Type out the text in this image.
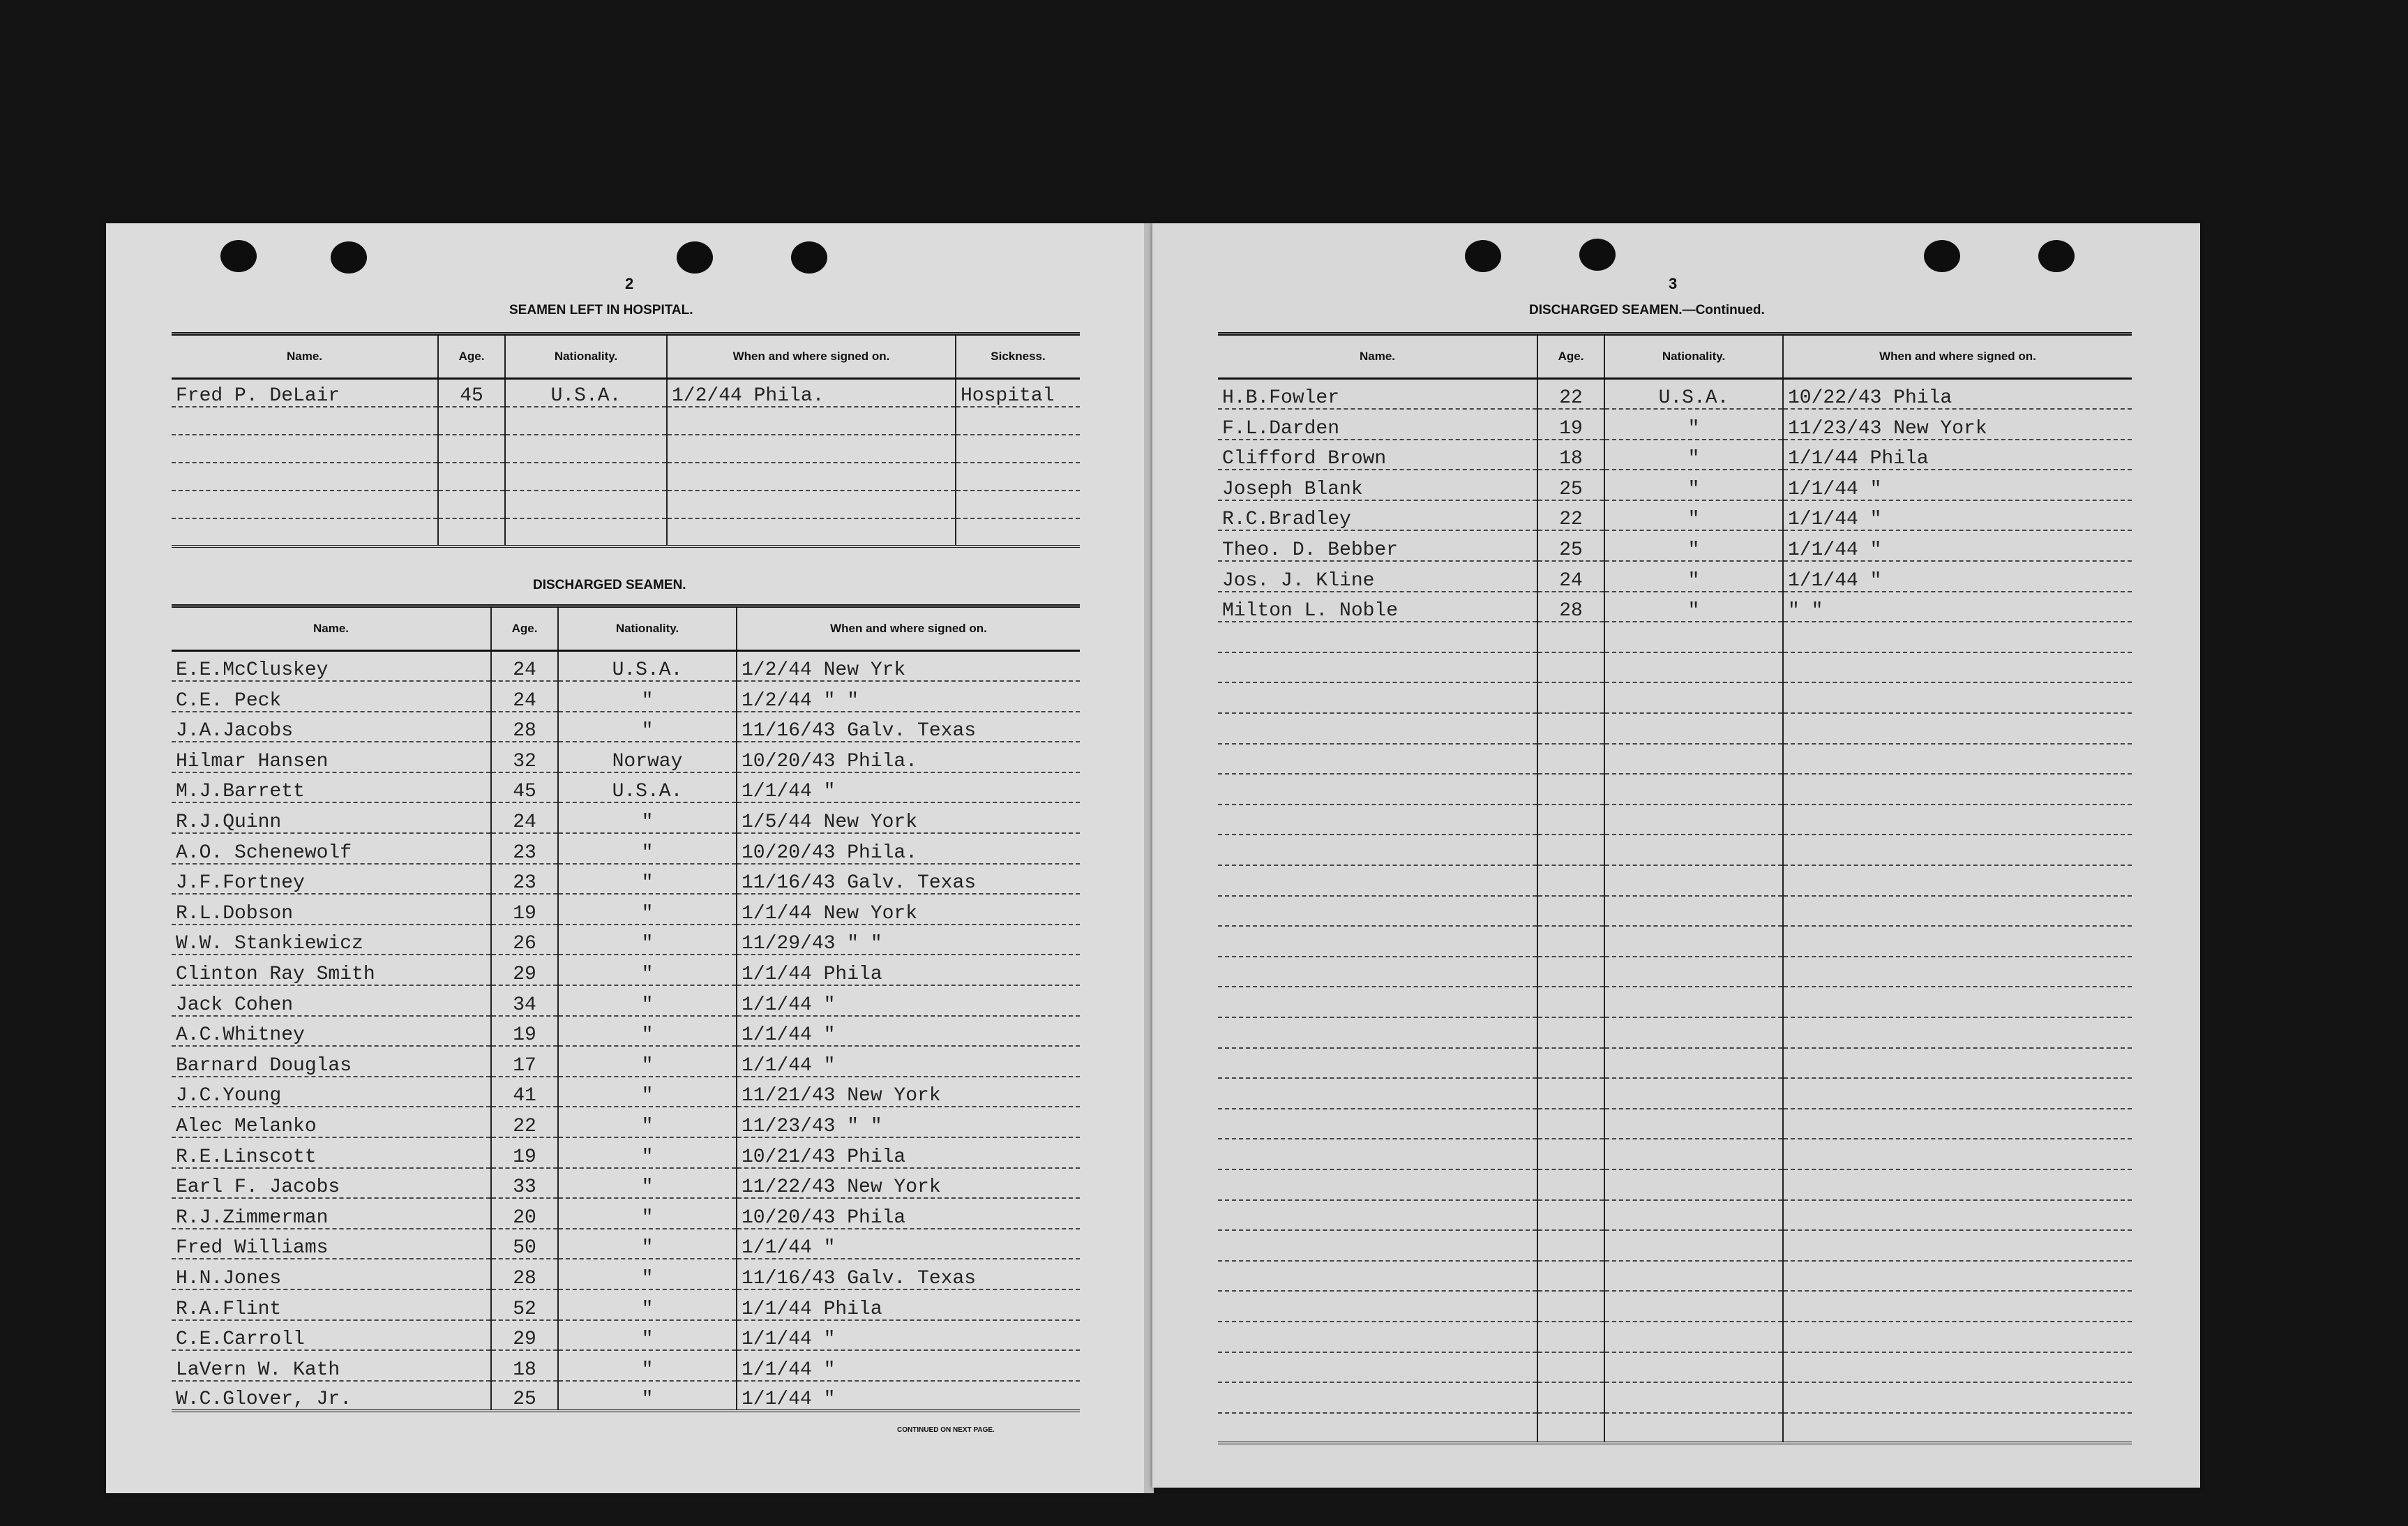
2
SEAMEN LEFT IN HOSPITAL.
Name.	Age.	Nationality.	When and where signed on.	Sickness.
Fred P. DeLair	45	U.S.A.	1/2/44 Phila.	Hospital

DISCHARGED SEAMEN.
Name.	Age.	Nationality.	When and where signed on.
E.E.McCluskey	24	U.S.A.	1/2/44 New Yrk
C.E. Peck	24	"	1/2/44 " "
J.A.Jacobs	28	"	11/16/43 Galv. Texas
Hilmar Hansen	32	Norway	10/20/43 Phila.
M.J.Barrett	45	U.S.A.	1/1/44 "
R.J.Quinn	24	"	1/5/44 New York
A.O. Schenewolf	23	"	10/20/43 Phila.
J.F.Fortney	23	"	11/16/43 Galv. Texas
R.L.Dobson	19	"	1/1/44 New York
W.W. Stankiewicz	26	"	11/29/43 " "
Clinton Ray Smith	29	"	1/1/44 Phila
Jack Cohen	34	"	1/1/44 "
A.C.Whitney	19	"	1/1/44 "
Barnard Douglas	17	"	1/1/44 "
J.C.Young	41	"	11/21/43 New York
Alec Melanko	22	"	11/23/43 " "
R.E.Linscott	19	"	10/21/43 Phila
Earl F. Jacobs	33	"	11/22/43 New York
R.J.Zimmerman	20	"	10/20/43 Phila
Fred Williams	50	"	1/1/44 "
H.N.Jones	28	"	11/16/43 Galv. Texas
R.A.Flint	52	"	1/1/44 Phila
C.E.Carroll	29	"	1/1/44 "
LaVern W. Kath	18	"	1/1/44 "
W.C.Glover, Jr.	25	"	1/1/44 "
CONTINUED ON NEXT PAGE.
3
DISCHARGED SEAMEN.—Continued.
Name.	Age.	Nationality.	When and where signed on.
H.B.Fowler	22	U.S.A.	10/22/43 Phila
F.L.Darden	19	"	11/23/43 New York
Clifford Brown	18	"	1/1/44 Phila
Joseph Blank	25	"	1/1/44 "
R.C.Bradley	22	"	1/1/44 "
Theo. D. Bebber	25	"	1/1/44 "
Jos. J. Kline	24	"	1/1/44 "
Milton L. Noble	28	"	" "
